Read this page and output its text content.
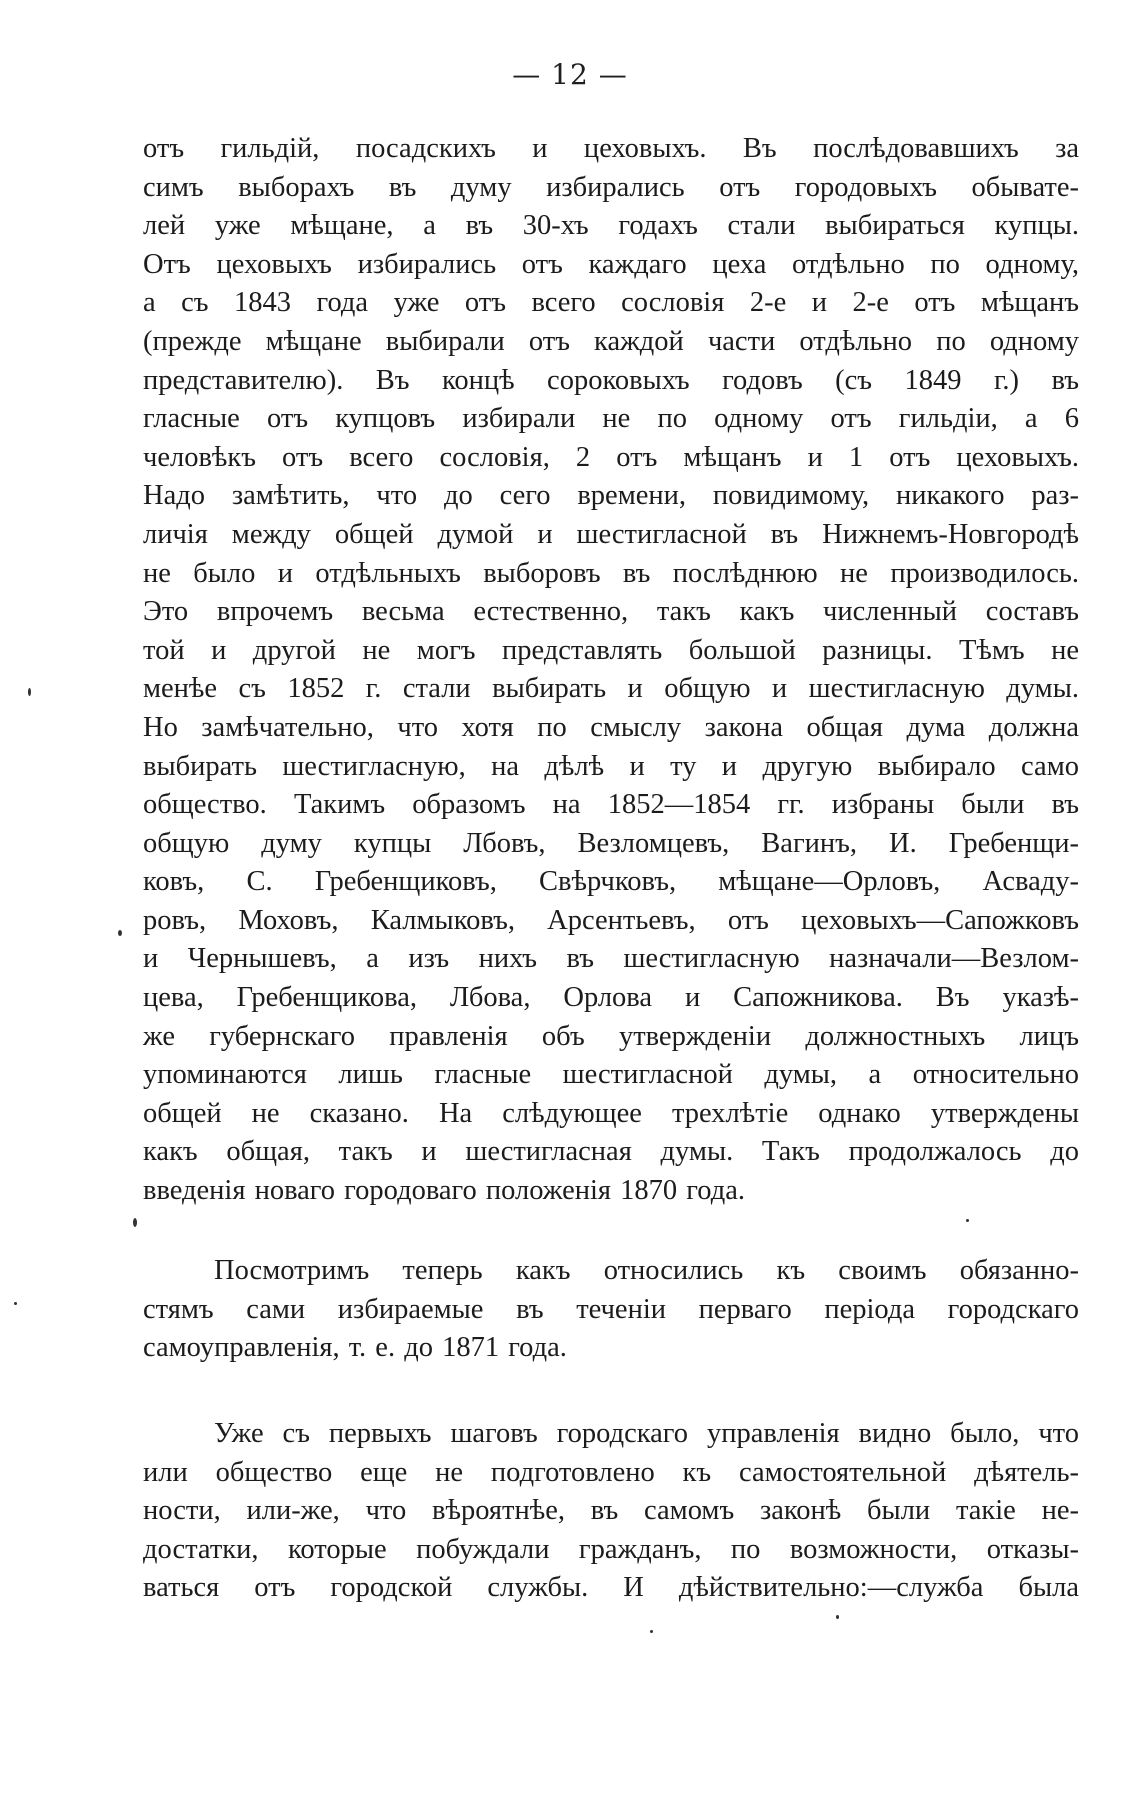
— 12 —
отъ гильдій, посадскихъ и цеховыхъ. Въ послѣдовавшихъ за
симъ выборахъ въ думу избирались отъ городовыхъ обывате-
лей уже мѣщане, а въ 30-хъ годахъ стали выбираться купцы.
Отъ цеховыхъ избирались отъ каждаго цеха отдѣльно по одному,
а съ 1843 года уже отъ всего сословія 2-е и 2-е отъ мѣщанъ
(прежде мѣщане выбирали отъ каждой части отдѣльно по одному
представителю). Въ концѣ сороковыхъ годовъ (съ 1849 г.) въ
гласные отъ купцовъ избирали не по одному отъ гильдіи, а 6
человѣкъ отъ всего сословія, 2 отъ мѣщанъ и 1 отъ цеховыхъ.
Надо замѣтить, что до сего времени, повидимому, никакого раз-
личія между общей думой и шестигласной въ Нижнемъ-Новгородѣ
не было и отдѣльныхъ выборовъ въ послѣднюю не производилось.
Это впрочемъ весьма естественно, такъ какъ численный составъ
той и другой не могъ представлять большой разницы. Тѣмъ не
менѣе съ 1852 г. стали выбирать и общую и шестигласную думы.
Но замѣчательно, что хотя по смыслу закона общая дума должна
выбирать шестигласную, на дѣлѣ и ту и другую выбирало само
общество. Такимъ образомъ на 1852—1854 гг. избраны были въ
общую думу купцы Лбовъ, Везломцевъ, Вагинъ, И. Гребенщи-
ковъ, С. Гребенщиковъ, Свѣрчковъ, мѣщане—Орловъ, Асваду-
ровъ, Моховъ, Калмыковъ, Арсентьевъ, отъ цеховыхъ—Сапожковъ
и Чернышевъ, а изъ нихъ въ шестигласную назначали—Везлом-
цева, Гребенщикова, Лбова, Орлова и Сапожникова. Въ указѣ-
же губернскаго правленія объ утвержденіи должностныхъ лицъ
упоминаются лишь гласные шестигласной думы, а относительно
общей не сказано. На слѣдующее трехлѣтіе однако утверждены
какъ общая, такъ и шестигласная думы. Такъ продолжалось до
введенія новаго городоваго положенія 1870 года.
Посмотримъ теперь какъ относились къ своимъ обязанно-
стямъ сами избираемые въ теченіи перваго періода городскаго
самоуправленія, т. е. до 1871 года.
Уже съ первыхъ шаговъ городскаго управленія видно было, что
или общество еще не подготовлено къ самостоятельной дѣятель-
ности, или-же, что вѣроятнѣе, въ самомъ законѣ были такіе не-
достатки, которые побуждали гражданъ, по возможности, отказы-
ваться отъ городской службы. И дѣйствительно:—служба была
